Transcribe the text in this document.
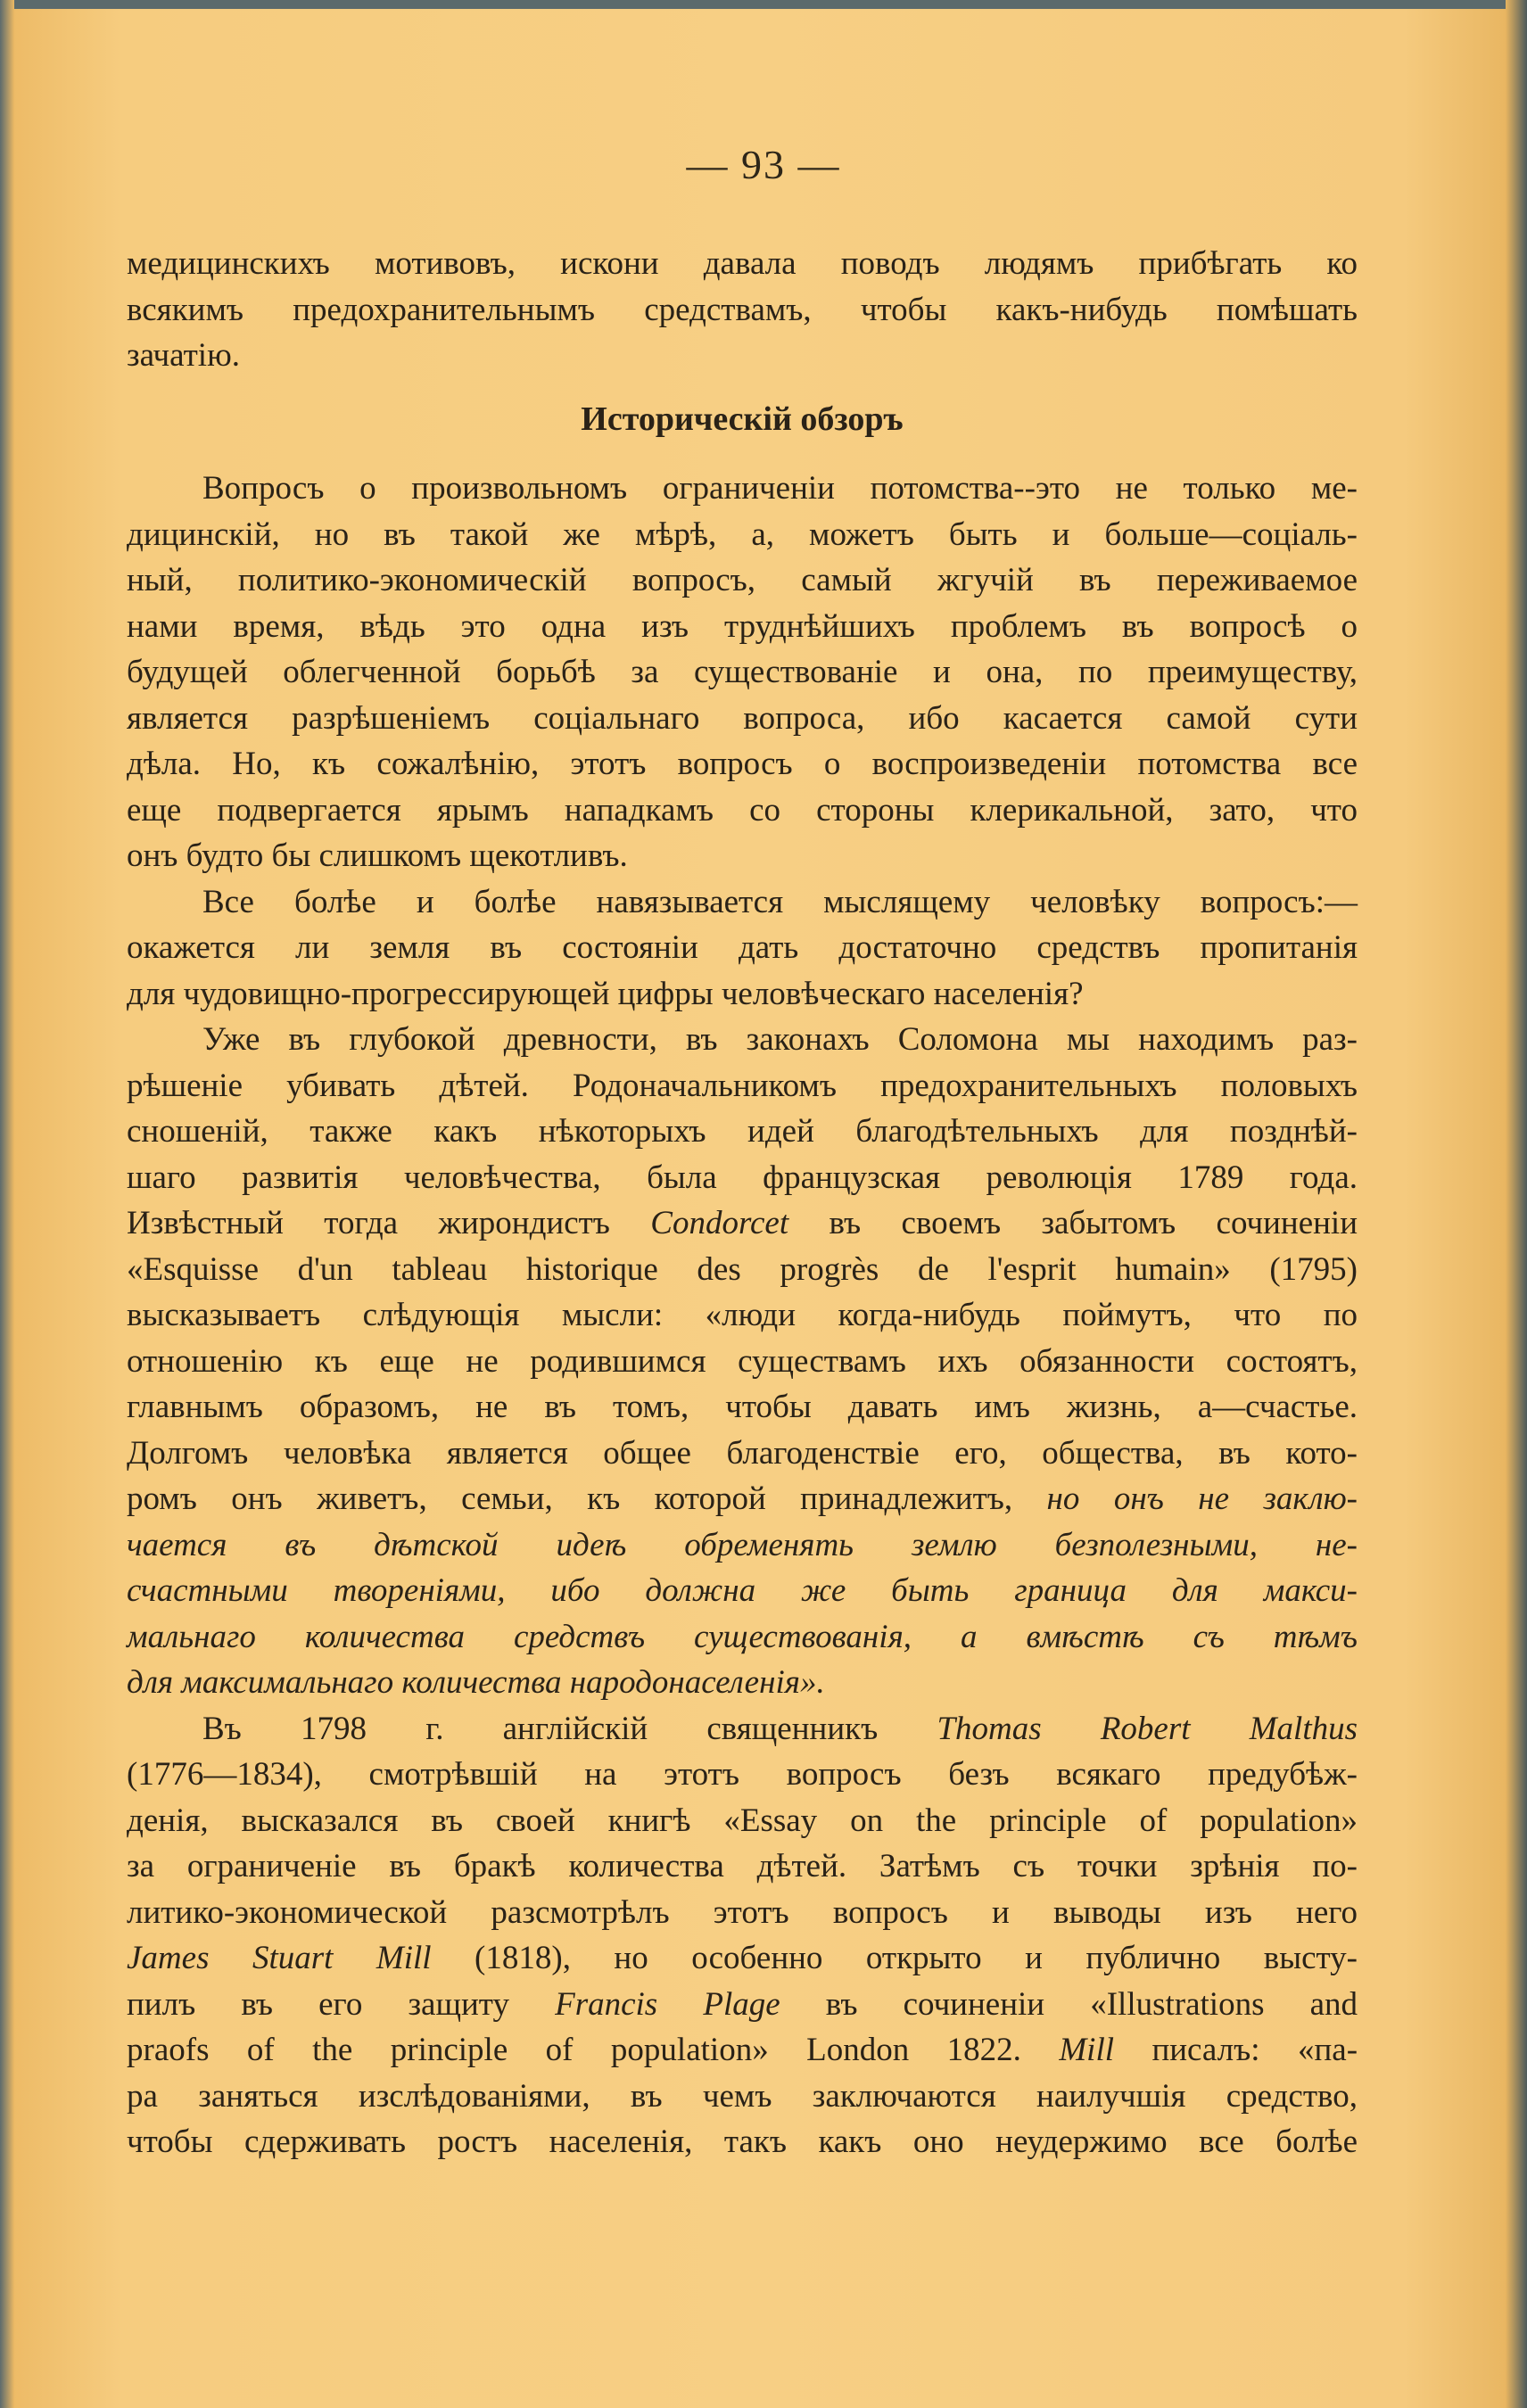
— 93 —
медицинскихъ мотивовъ, искони давала поводъ людямъ прибѣгать ко
всякимъ предохранительнымъ средствамъ, чтобы какъ-нибудь помѣшать
зачатію.
Историческій обзоръ
Вопросъ о произвольномъ ограниченіи потомства--это не только ме-
дицинскій, но въ такой же мѣрѣ, а, можетъ быть и больше—соціаль-
ный, политико-экономическій вопросъ, самый жгучій въ переживаемое
нами время, вѣдь это одна изъ труднѣйшихъ проблемъ въ вопросѣ о
будущей облегченной борьбѣ за существованіе и она, по преимуществу,
является разрѣшеніемъ соціальнаго вопроса, ибо касается самой сути
дѣла. Но, къ сожалѣнію, этотъ вопросъ о воспроизведеніи потомства все
еще подвергается ярымъ нападкамъ со стороны клерикальной, зато, что
онъ будто бы слишкомъ щекотливъ.
Все болѣе и болѣе навязывается мыслящему человѣку вопросъ:—
окажется ли земля въ состояніи дать достаточно средствъ пропитанія
для чудовищно-прогрессирующей цифры человѣческаго населенія?
Уже въ глубокой древности, въ законахъ Соломона мы находимъ раз-
рѣшеніе убивать дѣтей. Родоначальникомъ предохранительныхъ половыхъ
сношеній, также какъ нѣкоторыхъ идей благодѣтельныхъ для позднѣй-
шаго развитія человѣчества, была французская революція 1789 года.
Извѣстный тогда жирондистъ Condorcet въ своемъ забытомъ сочиненіи
«Esquisse d'un tableau historique des progrès de l'esprit humain» (1795)
высказываетъ слѣдующія мысли: «люди когда-нибудь поймутъ, что по
отношенію къ еще не родившимся существамъ ихъ обязанности состоятъ,
главнымъ образомъ, не въ томъ, чтобы давать имъ жизнь, а—счастье.
Долгомъ человѣка является общее благоденствіе его, общества, въ кото-
ромъ онъ живетъ, семьи, къ которой принадлежитъ, но онъ не заклю-
чается въ дѣтской идеѣ обременять землю безполезными, не-
счастными твореніями, ибо должна же быть граница для макси-
мальнаго количества средствъ существованія, а вмѣстѣ съ тѣмъ
для максимальнаго количества народонаселенія».
Въ 1798 г. англійскій священникъ Thomas Robert Malthus
(1776—1834), смотрѣвшій на этотъ вопросъ безъ всякаго предубѣж-
денія, высказался въ своей книгѣ «Essay on the principle of population»
за ограниченіе въ бракѣ количества дѣтей. Затѣмъ съ точки зрѣнія по-
литико-экономической разсмотрѣлъ этотъ вопросъ и выводы изъ него
James Stuart Mill (1818), но особенно открыто и публично высту-
пилъ въ его защиту Francis Plage въ сочиненіи «Illustrations and
praofs of the principle of population» London 1822. Mill писалъ: «па-
ра заняться изслѣдованіями, въ чемъ заключаются наилучшія средство,
чтобы сдерживать ростъ населенія, такъ какъ оно неудержимо все болѣе
